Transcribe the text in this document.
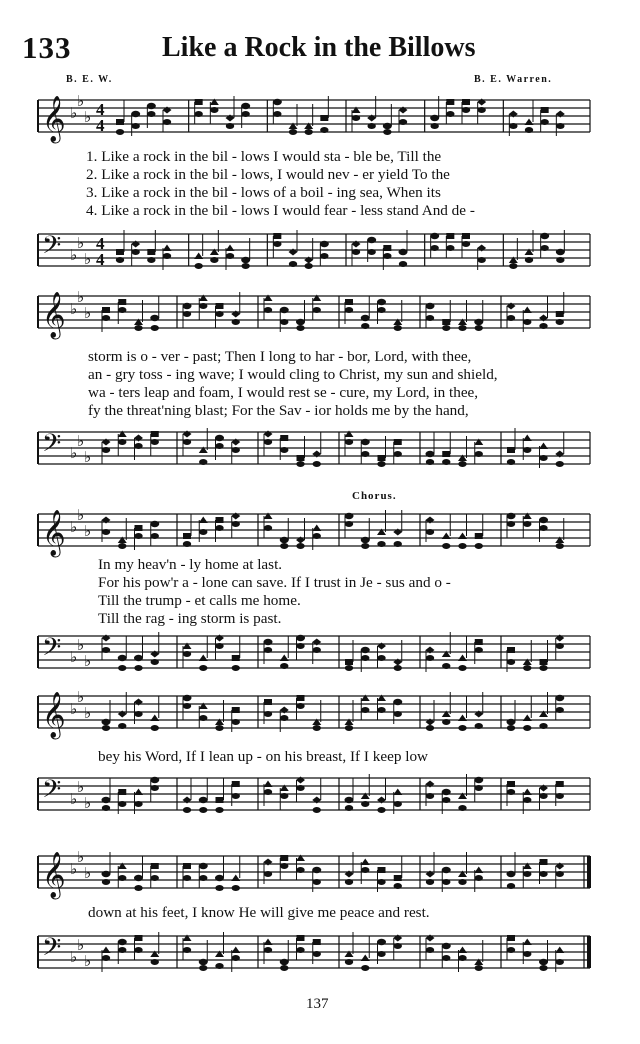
133	Like a Rock in the Billows
B. E. W.	B. E. Warren.
𝄞 ♭
♭
♭ 4
4
1. Like a rock in the bil - lows I would sta - ble be, Till the
2. Like a rock in the bil - lows, I would nev - er yield To the
3. Like a rock in the bil - lows of a boil - ing sea, When its
4. Like a rock in the bil - lows I would fear - less stand And de -
𝄢 ♭
♭
♭
4
4
𝄞 ♭
♭
♭
storm is o - ver - past; Then I long to har - bor, Lord, with thee,
an - gry toss - ing wave; I would cling to Christ, my sun and shield,
wa - ters leap and foam, I would rest se - cure, my Lord, in thee,
fy the threat'ning blast; For the Sav - ior holds me by the hand,
𝄢 ♭
♭
♭
Chorus.
𝄞 ♭
♭
♭
In my heav'n - ly home at last.
For his pow'r a - lone can save. If I trust in Je - sus and o -
Till the trump - et calls me home.
Till the rag - ing storm is past.
𝄢 ♭
♭
♭
𝄞 ♭
♭
♭
bey his Word, If I lean up - on his breast, If I keep low
𝄢 ♭
♭
♭
𝄞 ♭
♭
♭
down at his feet, I know He will give me peace and rest.
𝄢 ♭
♭
♭
137
